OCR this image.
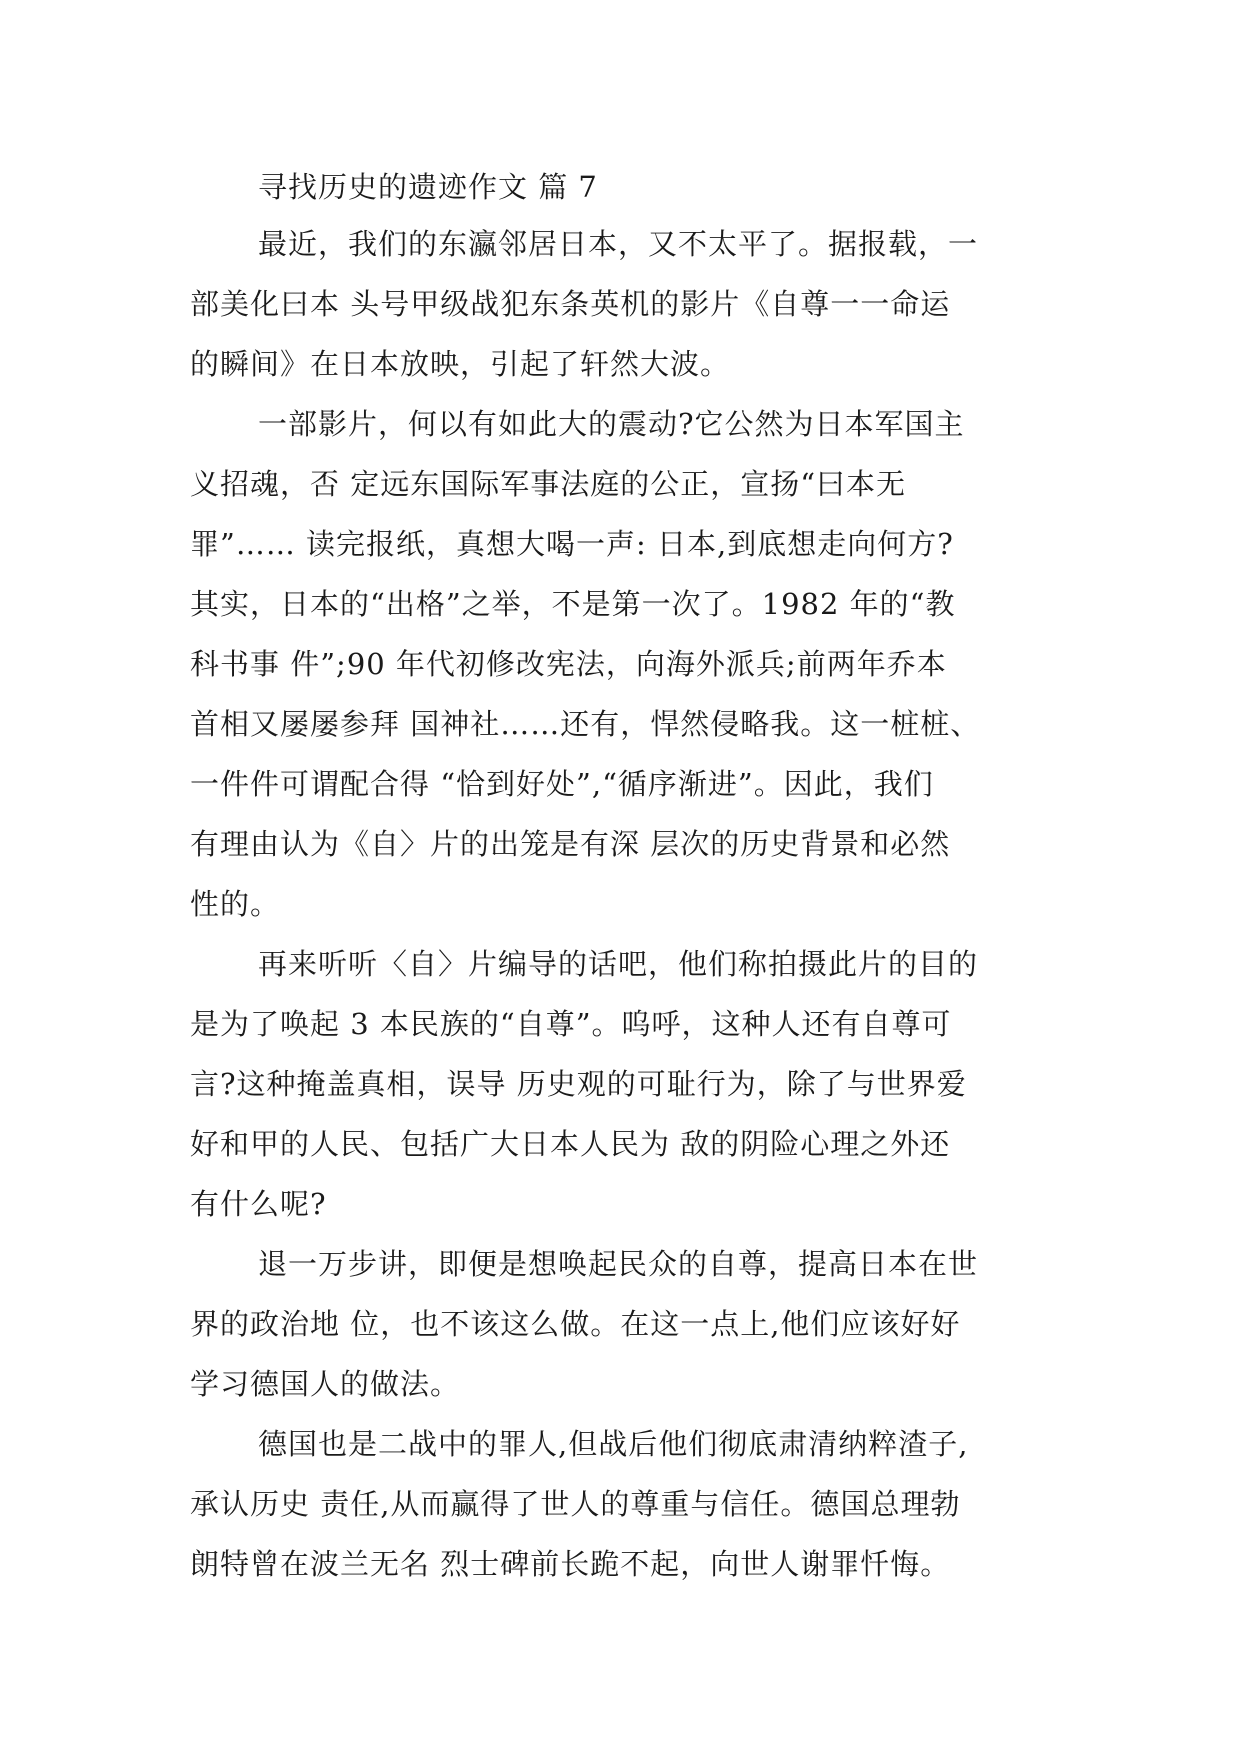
寻找历史的遗迹作文 篇 7
最近，我们的东瀛邻居日本，又不太平了。据报载，一
部美化曰本 头号甲级战犯东条英机的影片《自尊一一命运
的瞬间》在日本放映，引起了轩然大波。
一部影片，何以有如此大的震动?它公然为日本军国主
义招魂，否 定远东国际军事法庭的公正，宣扬“曰本无
罪”…… 读完报纸，真想大喝一声: 日本,到底想走向何方?
其实，日本的“出格”之举，不是第一次了。1982 年的“教
科书事 件”;90 年代初修改宪法，向海外派兵;前两年乔本
首相又屡屡参拜 国神社……还有，悍然侵略我。这一桩桩、
一件件可谓配合得 “恰到好处”,“循序渐进”。因此，我们
有理由认为《自〉片的出笼是有深 层次的历史背景和必然
性的。
再来听听〈自〉片编导的话吧，他们称拍摄此片的目的
是为了唤起 3 本民族的“自尊”。呜呼，这种人还有自尊可
言?这种掩盖真相，误导 历史观的可耻行为，除了与世界爱
好和甲的人民、包括广大日本人民为 敌的阴险心理之外还
有什么呢?
退一万步讲，即便是想唤起民众的自尊，提高日本在世
界的政治地 位，也不该这么做。在这一点上,他们应该好好
学习德国人的做法。
德国也是二战中的罪人,但战后他们彻底肃清纳粹渣子,
承认历史 责任,从而赢得了世人的尊重与信任。德国总理勃
朗特曾在波兰无名 烈士碑前长跪不起，向世人谢罪忏悔。
